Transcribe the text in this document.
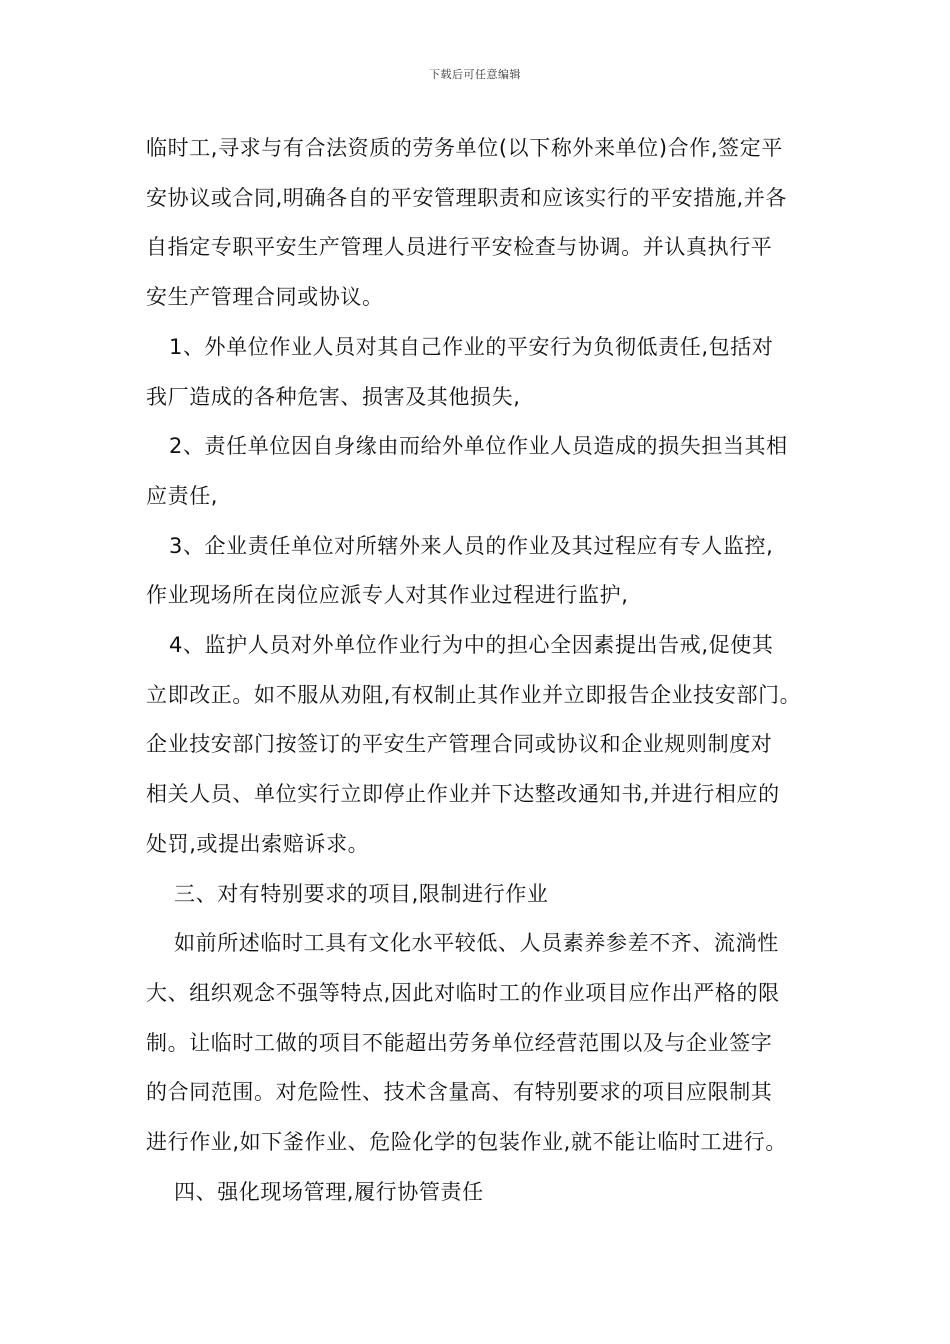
下载后可任意编辑

临时工,寻求与有合法资质的劳务单位(以下称外来单位)合作,签定平

安协议或合同,明确各自的平安管理职责和应该实行的平安措施,并各

自指定专职平安生产管理人员进行平安检查与协调。并认真执行平

安生产管理合同或协议。

1、外单位作业人员对其自己作业的平安行为负彻低责任,包括对

我厂造成的各种危害、损害及其他损失,

2、责任单位因自身缘由而给外单位作业人员造成的损失担当其相

应责任,

3、企业责任单位对所辖外来人员的作业及其过程应有专人监控,

作业现场所在岗位应派专人对其作业过程进行监护,

4、监护人员对外单位作业行为中的担心全因素提出告戒,促使其

立即改正。如不服从劝阻,有权制止其作业并立即报告企业技安部门。

企业技安部门按签订的平安生产管理合同或协议和企业规则制度对

相关人员、单位实行立即停止作业并下达整改通知书,并进行相应的

处罚,或提出索赔诉求。

三、对有特别要求的项目,限制进行作业

如前所述临时工具有文化水平较低、人员素养参差不齐、流淌性

大、组织观念不强等特点,因此对临时工的作业项目应作出严格的限

制。让临时工做的项目不能超出劳务单位经营范围以及与企业签字

的合同范围。对危险性、技术含量高、有特别要求的项目应限制其

进行作业,如下釜作业、危险化学的包装作业,就不能让临时工进行。

四、强化现场管理,履行协管责任
